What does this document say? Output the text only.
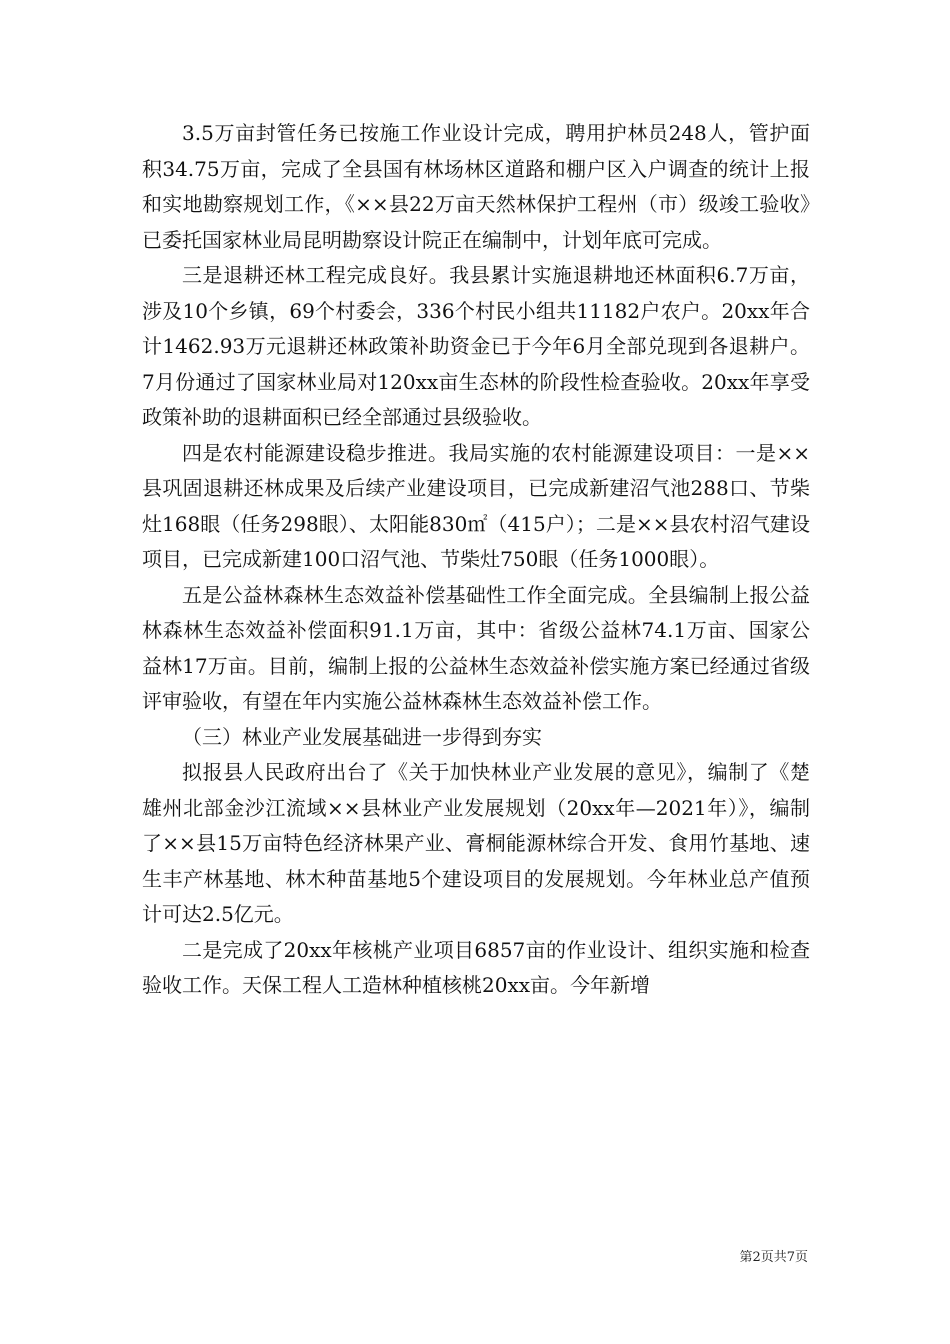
3.5万亩封管任务已按施工作业设计完成，聘用护林员248人，管护面积34.75万亩，完成了全县国有林场林区道路和棚户区入户调查的统计上报和实地勘察规划工作，《××县22万亩天然林保护工程州（市）级竣工验收》已委托国家林业局昆明勘察设计院正在编制中，计划年底可完成。

三是退耕还林工程完成良好。我县累计实施退耕地还林面积6.7万亩，涉及10个乡镇，69个村委会，336个村民小组共11182户农户。20xx年合计1462.93万元退耕还林政策补助资金已于今年6月全部兑现到各退耕户。7月份通过了国家林业局对120xx亩生态林的阶段性检查验收。20xx年享受政策补助的退耕面积已经全部通过县级验收。

四是农村能源建设稳步推进。我局实施的农村能源建设项目：一是××县巩固退耕还林成果及后续产业建设项目，已完成新建沼气池288口、节柴灶168眼（任务298眼）、太阳能830㎡（415户）；二是××县农村沼气建设项目，已完成新建100口沼气池、节柴灶750眼（任务1000眼）。

五是公益林森林生态效益补偿基础性工作全面完成。全县编制上报公益林森林生态效益补偿面积91.1万亩，其中：省级公益林74.1万亩、国家公益林17万亩。目前，编制上报的公益林生态效益补偿实施方案已经通过省级评审验收，有望在年内实施公益林森林生态效益补偿工作。

（三）林业产业发展基础进一步得到夯实

拟报县人民政府出台了《关于加快林业产业发展的意见》，编制了《楚雄州北部金沙江流域××县林业产业发展规划（20xx年—2021年）》，编制了××县15万亩特色经济林果产业、膏桐能源林综合开发、食用竹基地、速生丰产林基地、林木种苗基地5个建设项目的发展规划。今年林业总产值预计可达2.5亿元。

二是完成了20xx年核桃产业项目6857亩的作业设计、组织实施和检查验收工作。天保工程人工造林种植核桃20xx亩。今年新增

第2页共7页
